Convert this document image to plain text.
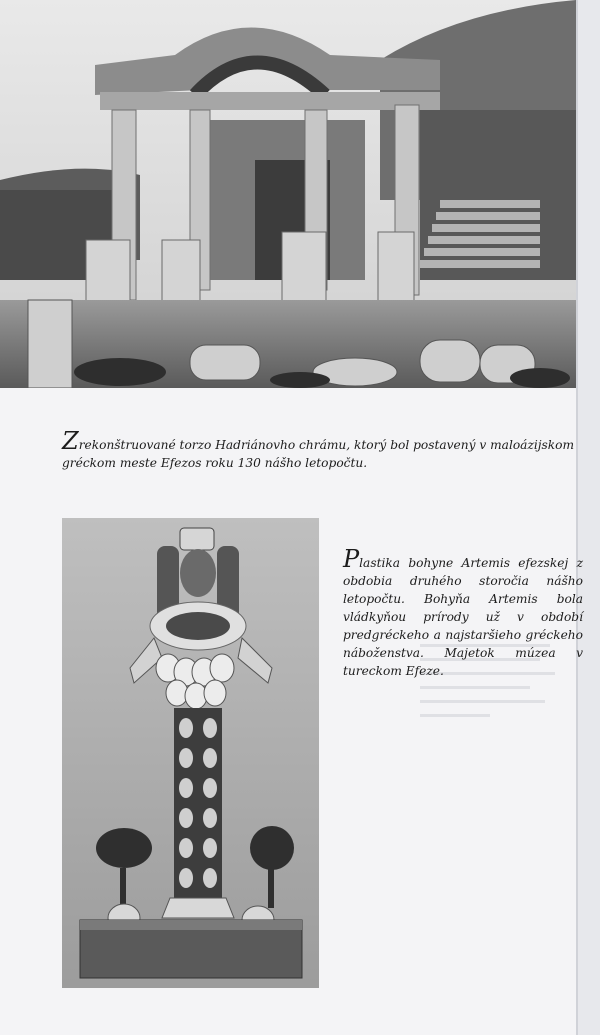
Zrekonštruované torzo Hadriánovho chrámu, ktorý bol postavený v maloázijskom gréckom meste Efezos roku 130 nášho letopočtu.

Plastika bohyne Artemis efezskej z obdobia druhého storočia nášho letopočtu. Bohyňa Artemis bola vládkyňou prírody už v období predgréckeho a najstaršieho gréckeho náboženstva. Majetok múzea v tureckom Efeze.
